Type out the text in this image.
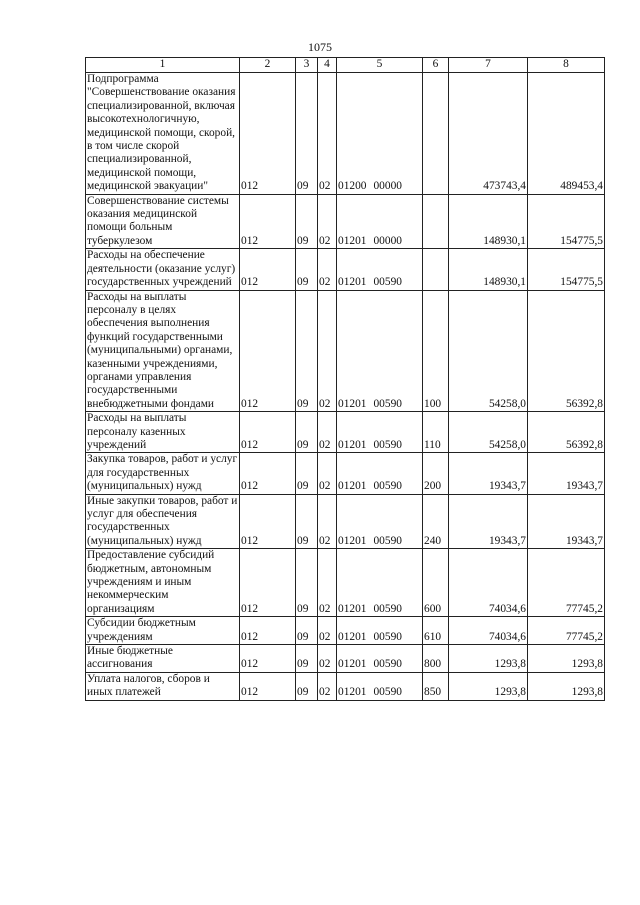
1075
1	2	3	4	5	6	7	8
Подпрограмма "Совершенствование оказания специализированной, включая высокотехнологичную, медицинской помощи, скорой, в том числе скорой специализированной, медицинской помощи, медицинской эвакуации"	012	09	02	01200 00000		473743,4	489453,4
Совершенствование системы оказания медицинской помощи больным туберкулезом	012	09	02	01201 00000		148930,1	154775,5
Расходы на обеспечение деятельности (оказание услуг) государственных учреждений	012	09	02	01201 00590		148930,1	154775,5
Расходы на выплаты персоналу в целях обеспечения выполнения функций государственными (муниципальными) органами, казенными учреждениями, органами управления государственными внебюджетными фондами	012	09	02	01201 00590	100	54258,0	56392,8
Расходы на выплаты персоналу казенных учреждений	012	09	02	01201 00590	110	54258,0	56392,8
Закупка товаров, работ и услуг для государственных (муниципальных) нужд	012	09	02	01201 00590	200	19343,7	19343,7
Иные закупки товаров, работ и услуг для обеспечения государственных (муниципальных) нужд	012	09	02	01201 00590	240	19343,7	19343,7
Предоставление субсидий бюджетным, автономным учреждениям и иным некоммерческим организациям	012	09	02	01201 00590	600	74034,6	77745,2
Субсидии бюджетным учреждениям	012	09	02	01201 00590	610	74034,6	77745,2
Иные бюджетные ассигнования	012	09	02	01201 00590	800	1293,8	1293,8
Уплата налогов, сборов и иных платежей	012	09	02	01201 00590	850	1293,8	1293,8
